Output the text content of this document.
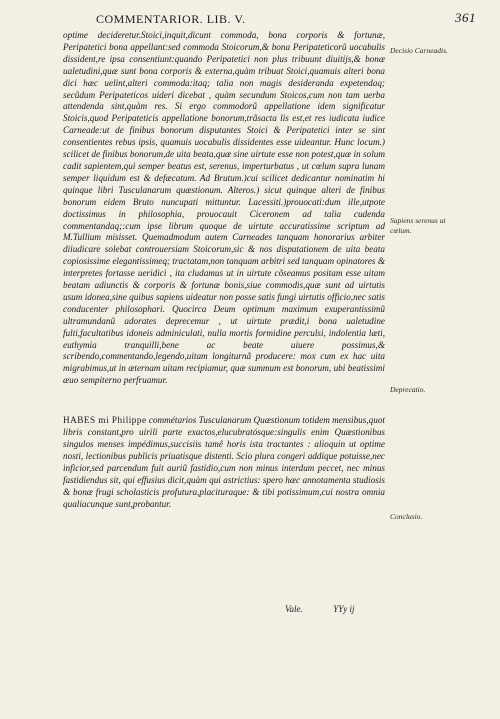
COMMENTARIOR. LIB. V.	361

optime decideretur.Stoici,inquit,dicunt commoda, bona corporis & fortunæ, Peripatetici bona appellant:sed commoda Stoicorum,& bona Peripateticorũ uocabulis dissident,re ipsa consentiunt:quando Peripatetici non plus tribuunt diuitijs,& bonæ ualetudini,quæ sunt bona corporis & externa,quàm tribuat Stoici,quamuis alteri bona dici hæc uelint,alteri commoda:itaq; talia non magis desideranda expetendaq; secũdum Peripateticos uideri dicebat , quàm secundum Stoicos,cum non tam uerba attendenda sint,quàm res. Si ergo commodorũ appellatione idem significatur Stoicis,quod Peripateticis appellatione bonorum,trãsacta lis est,et res iudicata iudice Carneade:ut de finibus bonorum disputantes Stoici & Peripatetici inter se sint consentientes rebus ipsis, quamuis uocabulis dissidentes esse uideantur. Hunc locum.) scilicet de finibus bonorum,de uita beata,quæ sine uirtute esse non potest,quæ in solum cadit sapientem,qui semper beatus est, serenus, imperturbatus , ut cœlum supra lunam semper liquidum est & defæcatum. Ad Brutum.)cui scilicet dedicantur nominatim hi quinque libri Tusculanarum quæstionum. Alteros.) sicut quinque alteri de finibus bonorum eidem Bruto nuncupati mittuntur. Lacessiti.)prouocati:dum ille,utpote doctissimus in philosophia, prouocauit Ciceronem ad talia cudenda commentandaq;:cum ipse librum quoque de uirtute accuratissime scriptum ad M.Tullium misisset. Quemadmodum autem Carneades tanquam honorarius arbiter diiudicare solebat controuersiam Stoicorum,sic & nos disputationem de uita beata copiosissime elegantissimeq; tractatam,non tanquam arbitri sed tanquam opinatores & interpretes fortasse ueridici , ita cludamus ut in uirtute cõseamus positam esse uitam beatam adiunctis & corporis & fortunæ bonis,siue commodis,quæ sunt ad uirtutis usum idonea,sine quibus sapiens uideatur non posse satis fungi uirtutis officio,nec satis conducenter philosophari. Quocirca Deum optimum maximum exuperantissimũ ultramundanũ adorates deprecemur , ut uirtute prædit,i bona ualetudine fulti,facultatibus idoneis adminiculati, nulla mortis formidine perculsi, indolentia læti, euthymia tranquilli,bene ac beate uiuere possimus,& scribendo,commentando,legendo,uitam longiturnã producere: mox cum ex hac uita migrabimus,ut in æternam uitam recipiamur, quæ summum est bonorum, ubi beatissimi æuo sempiterno perfruamur.

HABES mi Philippe commétarios Tusculanarum Quæstionum totidem mensibus,quot libris constant,pro uirili parte exactos,elucubratósque:singulis enim Quæstionibus singulos menses impédimus,succisiis tamê horis ista tractantes : alioquin ut optime nosti, lectionibus publicis priuatisque distenti. Scio plura congeri addique potuisse,nec inficior,sed parcendum fuit auriũ fastidio,cum non minus interdum peccet, nec minus fastidiendus sit, qui effusius dicit,quàm qui astrictius: spero hæc annotamenta studiosis & bonæ frugi scholasticis profutura,placituraque: & tibi potissimum,cui nostra omnia qualiacunque sunt,probantur.

Decisio Carneadis.
Sapiens serenus ut cœlum.
Deprecatio.
Conclusio.
Vale.	YYy ij
